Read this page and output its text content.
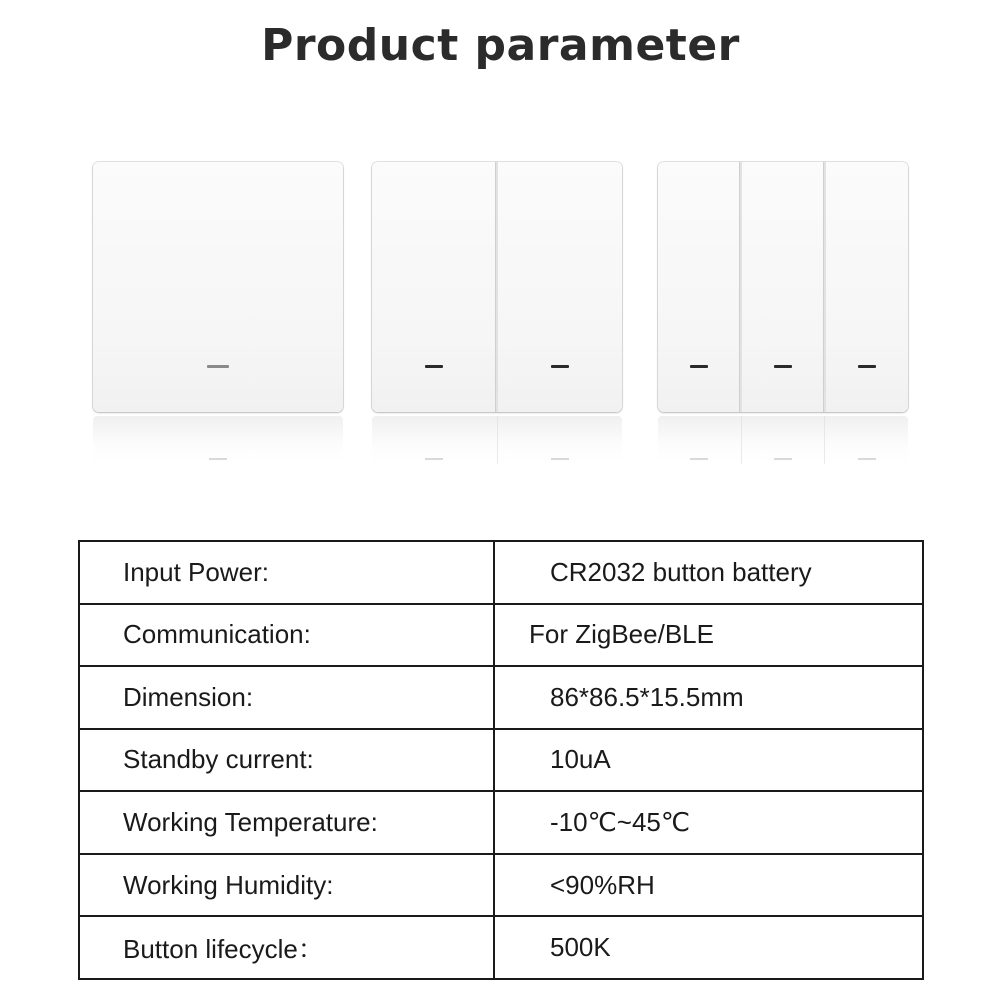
Product parameter
Input Power:	CR2032 button battery
Communication:	For ZigBee/BLE
Dimension:	86*86.5*15.5mm
Standby current:	10uA
Working Temperature:	-10℃~45℃
Working Humidity:	<90%RH
Button lifecycle：	500K
